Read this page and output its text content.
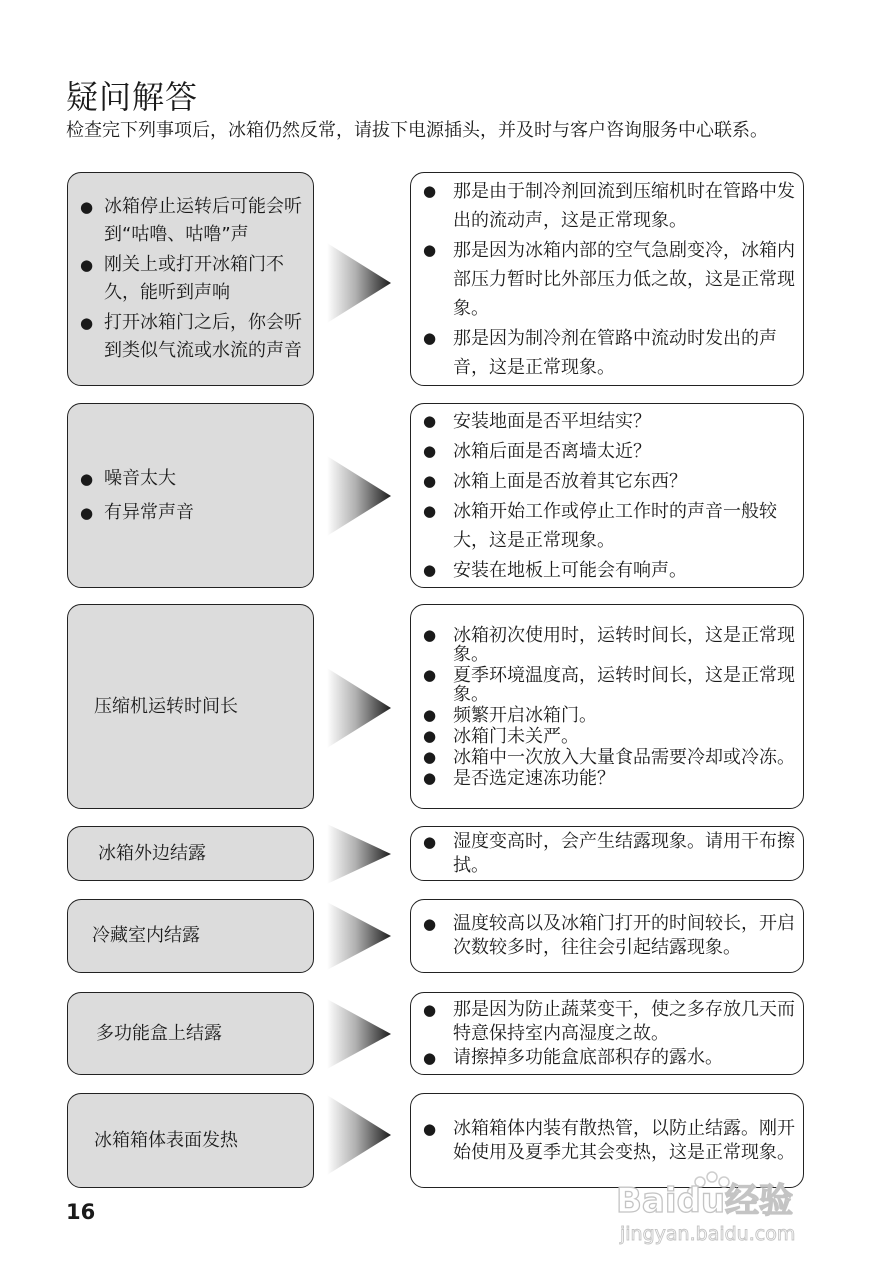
疑问解答
检查完下列事项后，冰箱仍然反常，请拔下电源插头，并及时与客户咨询服务中心联系。
● 冰箱停止运转后可能会听到“咕噜、咕噜”声
● 刚关上或打开冰箱门不久，能听到声响
● 打开冰箱门之后，你会听到类似气流或水流的声音
● 那是由于制冷剂回流到压缩机时在管路中发出的流动声，这是正常现象。
● 那是因为冰箱内部的空气急剧变冷，冰箱内部压力暂时比外部压力低之故，这是正常现象。
● 那是因为制冷剂在管路中流动时发出的声音，这是正常现象。
● 噪音太大
● 有异常声音
● 安装地面是否平坦结实？
● 冰箱后面是否离墙太近？
● 冰箱上面是否放着其它东西？
● 冰箱开始工作或停止工作时的声音一般较大，这是正常现象。
● 安装在地板上可能会有响声。
压缩机运转时间长
● 冰箱初次使用时，运转时间长，这是正常现象。
● 夏季环境温度高，运转时间长，这是正常现象。
● 频繁开启冰箱门。
● 冰箱门未关严。
● 冰箱中一次放入大量食品需要冷却或冷冻。
● 是否选定速冻功能？
冰箱外边结露
● 湿度变高时，会产生结露现象。请用干布擦拭。
冷藏室内结露
● 温度较高以及冰箱门打开的时间较长，开启次数较多时，往往会引起结露现象。
多功能盒上结露
● 那是因为防止蔬菜变干，使之多存放几天而特意保持室内高湿度之故。
● 请擦掉多功能盒底部积存的露水。
冰箱箱体表面发热
● 冰箱箱体内装有散热管，以防止结露。刚开始使用及夏季尤其会变热，这是正常现象。
16	Baidu经验
jingyan.baidu.com
